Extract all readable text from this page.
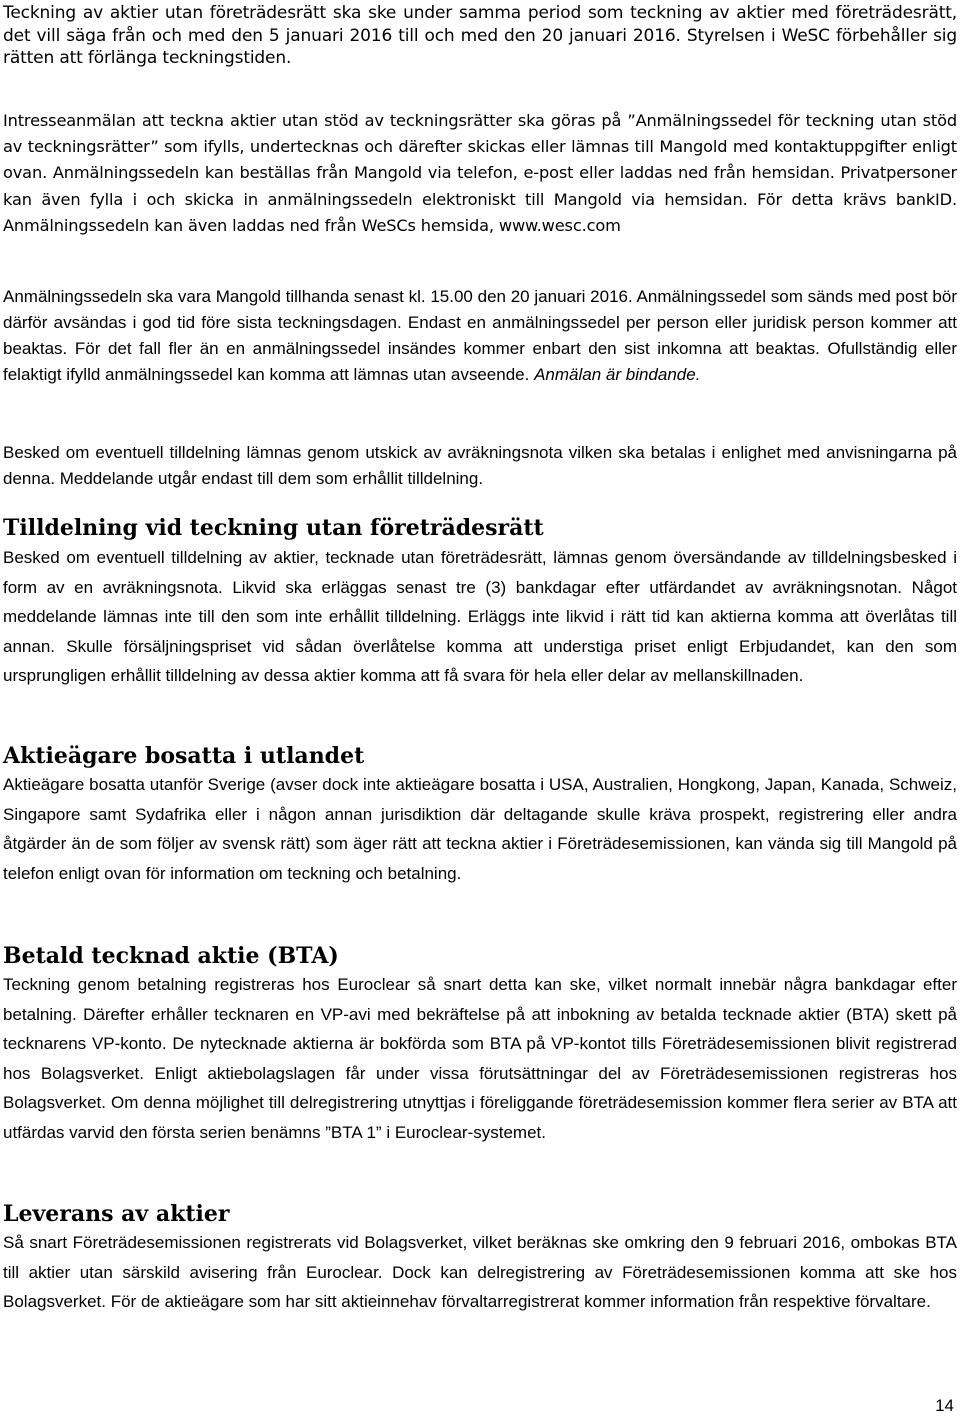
Teckning av aktier utan företrädesrätt ska ske under samma period som teckning av aktier med företrädesrätt, det vill säga från och med den 5 januari 2016 till och med den 20 januari 2016. Styrelsen i WeSC förbehåller sig rätten att förlänga teckningstiden.

Intresseanmälan att teckna aktier utan stöd av teckningsrätter ska göras på ”Anmälningssedel för teckning utan stöd av teckningsrätter” som ifylls, undertecknas och därefter skickas eller lämnas till Mangold med kontaktuppgifter enligt ovan. Anmälningssedeln kan beställas från Mangold via telefon, e-post eller laddas ned från hemsidan. Privatpersoner kan även fylla i och skicka in anmälningssedeln elektroniskt till Mangold via hemsidan. För detta krävs bankID. Anmälningssedeln kan även laddas ned från WeSCs hemsida, www.wesc.com

Anmälningssedeln ska vara Mangold tillhanda senast kl. 15.00 den 20 januari 2016. Anmälningssedel som sänds med post bör därför avsändas i god tid före sista teckningsdagen. Endast en anmälningssedel per person eller juridisk person kommer att beaktas. För det fall fler än en anmälningssedel insändes kommer enbart den sist inkomna att beaktas. Ofullständig eller felaktigt ifylld anmälningssedel kan komma att lämnas utan avseende. Anmälan är bindande.

Besked om eventuell tilldelning lämnas genom utskick av avräkningsnota vilken ska betalas i enlighet med anvisningarna på denna. Meddelande utgår endast till dem som erhållit tilldelning.

Tilldelning vid teckning utan företrädesrätt

Besked om eventuell tilldelning av aktier, tecknade utan företrädesrätt, lämnas genom översändande av tilldelningsbesked i form av en avräkningsnota. Likvid ska erläggas senast tre (3) bankdagar efter utfärdandet av avräkningsnotan. Något meddelande lämnas inte till den som inte erhållit tilldelning. Erläggs inte likvid i rätt tid kan aktierna komma att överlåtas till annan. Skulle försäljningspriset vid sådan överlåtelse komma att understiga priset enligt Erbjudandet, kan den som ursprungligen erhållit tilldelning av dessa aktier komma att få svara för hela eller delar av mellanskillnaden.

Aktieägare bosatta i utlandet

Aktieägare bosatta utanför Sverige (avser dock inte aktieägare bosatta i USA, Australien, Hongkong, Japan, Kanada, Schweiz, Singapore samt Sydafrika eller i någon annan jurisdiktion där deltagande skulle kräva prospekt, registrering eller andra åtgärder än de som följer av svensk rätt) som äger rätt att teckna aktier i Företrädesemissionen, kan vända sig till Mangold på telefon enligt ovan för information om teckning och betalning.

Betald tecknad aktie (BTA)

Teckning genom betalning registreras hos Euroclear så snart detta kan ske, vilket normalt innebär några bankdagar efter betalning. Därefter erhåller tecknaren en VP-avi med bekräftelse på att inbokning av betalda tecknade aktier (BTA) skett på tecknarens VP-konto. De nytecknade aktierna är bokförda som BTA på VP-kontot tills Företrädesemissionen blivit registrerad hos Bolagsverket. Enligt aktiebolagslagen får under vissa förutsättningar del av Företrädesemissionen registreras hos Bolagsverket. Om denna möjlighet till delregistrering utnyttjas i föreliggande företrädesemission kommer flera serier av BTA att utfärdas varvid den första serien benämns ”BTA 1” i Euroclear-systemet.

Leverans av aktier

Så snart Företrädesemissionen registrerats vid Bolagsverket, vilket beräknas ske omkring den 9 februari 2016, ombokas BTA till aktier utan särskild avisering från Euroclear. Dock kan delregistrering av Företrädesemissionen komma att ske hos Bolagsverket. För de aktieägare som har sitt aktieinnehav förvaltarregistrerat kommer information från respektive förvaltare.

14
